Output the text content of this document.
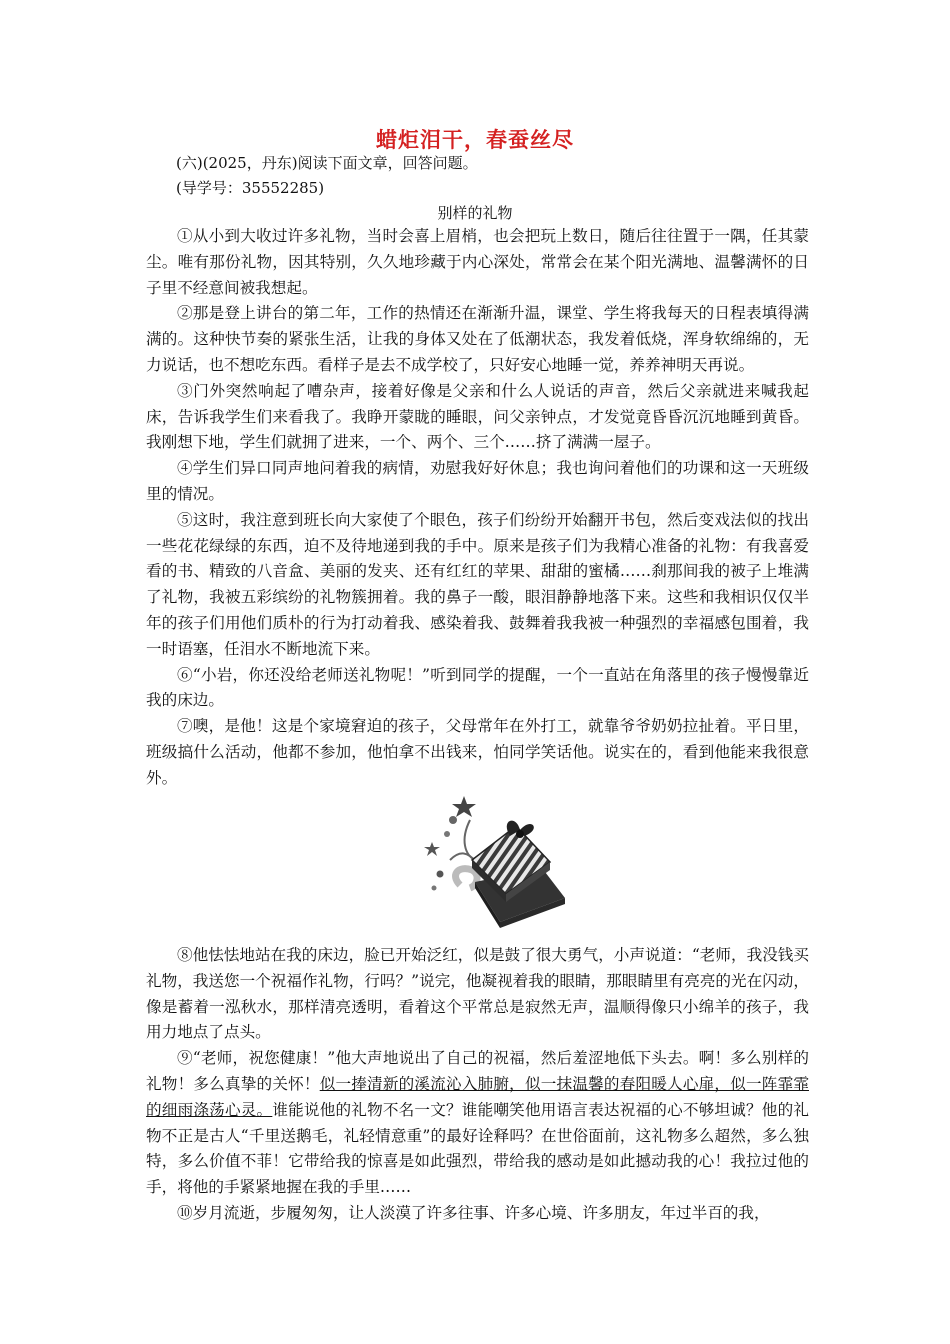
蜡炬泪干，春蚕丝尽
(六)(2025，丹东)阅读下面文章，回答问题。
(导学号：35552285)
别样的礼物

①从小到大收过许多礼物，当时会喜上眉梢，也会把玩上数日，随后往往置于一隅，任其蒙尘。唯有那份礼物，因其特别，久久地珍藏于内心深处，常常会在某个阳光满地、温馨满怀的日子里不经意间被我想起。

②那是登上讲台的第二年，工作的热情还在渐渐升温，课堂、学生将我每天的日程表填得满满的。这种快节奏的紧张生活，让我的身体又处在了低潮状态，我发着低烧，浑身软绵绵的，无力说话，也不想吃东西。看样子是去不成学校了，只好安心地睡一觉，养养神明天再说。

③门外突然响起了嘈杂声，接着好像是父亲和什么人说话的声音，然后父亲就进来喊我起床，告诉我学生们来看我了。我睁开蒙眬的睡眼，问父亲钟点，才发觉竟昏昏沉沉地睡到黄昏。我刚想下地，学生们就拥了进来，一个、两个、三个……挤了满满一屋子。

④学生们异口同声地问着我的病情，劝慰我好好休息；我也询问着他们的功课和这一天班级里的情况。

⑤这时，我注意到班长向大家使了个眼色，孩子们纷纷开始翻开书包，然后变戏法似的找出一些花花绿绿的东西，迫不及待地递到我的手中。原来是孩子们为我精心准备的礼物：有我喜爱看的书、精致的八音盒、美丽的发夹、还有红红的苹果、甜甜的蜜橘……刹那间我的被子上堆满了礼物，我被五彩缤纷的礼物簇拥着。我的鼻子一酸，眼泪静静地落下来。这些和我相识仅仅半年的孩子们用他们质朴的行为打动着我、感染着我、鼓舞着我我被一种强烈的幸福感包围着，我一时语塞，任泪水不断地流下来。

⑥“小岩，你还没给老师送礼物呢！”听到同学的提醒，一个一直站在角落里的孩子慢慢靠近我的床边。

⑦噢，是他！这是个家境窘迫的孩子，父母常年在外打工，就靠爷爷奶奶拉扯着。平日里，班级搞什么活动，他都不参加，他怕拿不出钱来，怕同学笑话他。说实在的，看到他能来我很意外。

⑧他怯怯地站在我的床边，脸已开始泛红，似是鼓了很大勇气，小声说道：“老师，我没钱买礼物，我送您一个祝福作礼物，行吗？”说完，他凝视着我的眼睛，那眼睛里有亮亮的光在闪动，像是蓄着一泓秋水，那样清亮透明，看着这个平常总是寂然无声，温顺得像只小绵羊的孩子，我用力地点了点头。

⑨“老师，祝您健康！”他大声地说出了自己的祝福，然后羞涩地低下头去。啊！多么别样的礼物！多么真挚的关怀！似一捧清新的溪流沁入肺腑，似一抹温馨的春阳暖人心扉，似一阵霏霏的细雨涤荡心灵。谁能说他的礼物不名一文？谁能嘲笑他用语言表达祝福的心不够坦诚？他的礼物不正是古人“千里送鹅毛，礼轻情意重”的最好诠释吗？在世俗面前，这礼物多么超然，多么独特，多么价值不菲！它带给我的惊喜是如此强烈，带给我的感动是如此撼动我的心！我拉过他的手，将他的手紧紧地握在我的手里……

⑩岁月流逝，步履匆匆，让人淡漠了许多往事、许多心境、许多朋友，年过半百的我，
